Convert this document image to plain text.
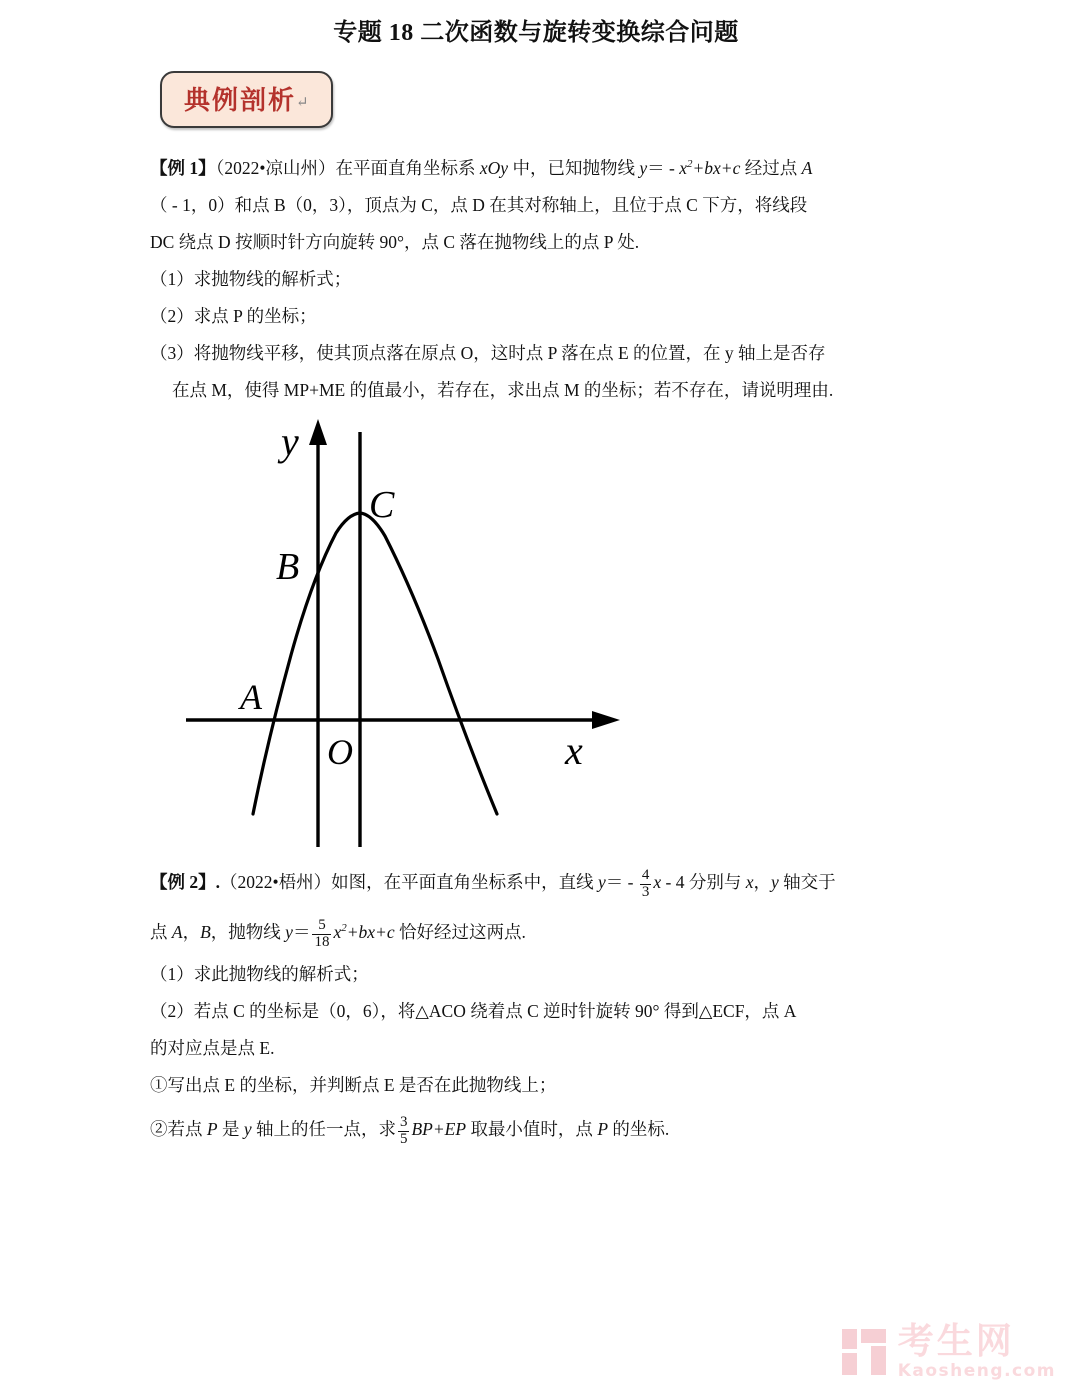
专题 18 二次函数与旋转变换综合问题
典例剖析↵
【例 1】（2022•凉山州）在平面直角坐标系 xOy 中，已知抛物线 $y= - x^2+bx+c$ 经过点 A
（ - 1，0）和点 B（0，3），顶点为 C，点 D 在其对称轴上，且位于点 C 下方，将线段
DC 绕点 D 按顺时针方向旋转 90°，点 C 落在抛物线上的点 P 处.
（1）求抛物线的解析式；
（2）求点 P 的坐标；
（3）将抛物线平移，使其顶点落在原点 O，这时点 P 落在点 E 的位置，在 y 轴上是否存
在点 M，使得 MP+ME 的值最小，若存在，求出点 M 的坐标；若不存在，请说明理由.
y
x
C
B
A
O
【例 2】.（2022•梧州）如图，在平面直角坐标系中，直线 $y= - \frac{4}{3}$ x - 4 分别与 x，y 轴交于
点 A，B，抛物线 $y= \frac{5}{18} x^2+bx+c$ 恰好经过这两点.
（1）求此抛物线的解析式；
（2）若点 C 的坐标是（0，6），将△ACO 绕着点 C 逆时针旋转 90° 得到△ECF，点 A
的对应点是点 E.
①写出点 E 的坐标，并判断点 E 是否在此抛物线上；
②若点 P 是 y 轴上的任一点，求 $\frac{3}{5} BP+EP$ 取最小值时，点 P 的坐标.
考生网
Kaosheng.com
